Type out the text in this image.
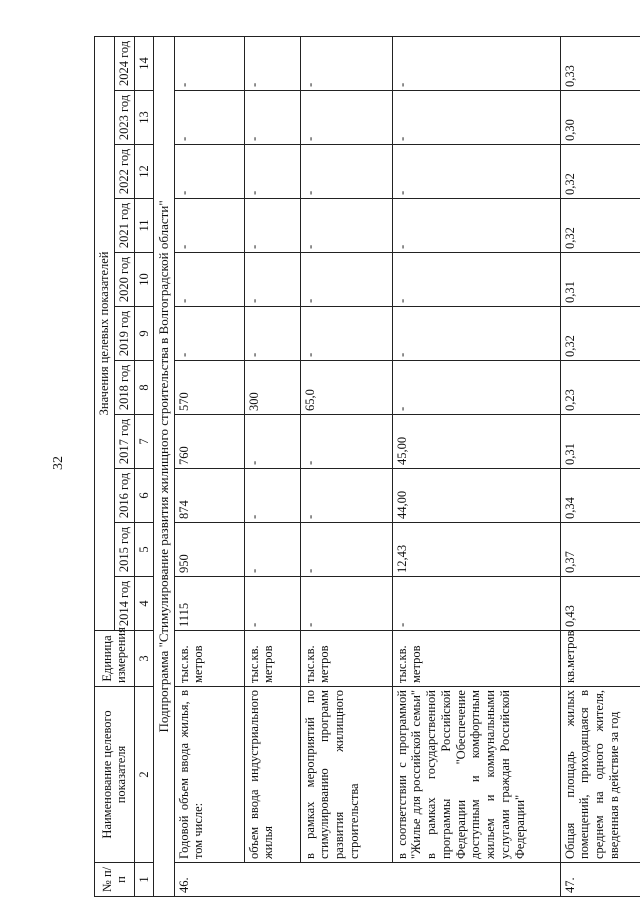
32
№ п/п	Наименование целевого показателя	Единица измерения	Значения целевых показателей										
			2014 год	2015 год	2016 год	2017 год	2018 год	2019 год	2020 год	2021 год	2022 год	2023 год	2024 год
1	2	3	4	5	6	7	8	9	10	11	12	13	14
Подпрограмма "Стимулирование развития жилищного строительства в Волгоградской области"													
46.	Годовой объем ввода жилья, в том числе:	тыс.кв. метров	1115	950	874	760	570	-	-	-	-	-	-
	объем ввода индустриального жилья	тыс.кв. метров	-	-	-	-	300	-	-	-	-	-	-
	в рамках мероприятий по стимулированию программ развития жилищного строительства	тыс.кв. метров	-	-	-	-	65,0	-	-	-	-	-	-
	в соответствии с программой "Жилье для российской семьи" в рамках государственной программы Российской Федерации "Обеспечение доступным и комфортным жильем и коммунальными услугами граждан Российской Федерации"	тыс.кв. метров	-	12,43	44,00	45,00	-	-	-	-	-	-	-
47.	Общая площадь жилых помещений, приходящаяся в среднем на одного жителя, введенная в действие за год	кв.метров	0,43	0,37	0,34	0,31	0,23	0,32	0,31	0,32	0,32	0,30	0,33
